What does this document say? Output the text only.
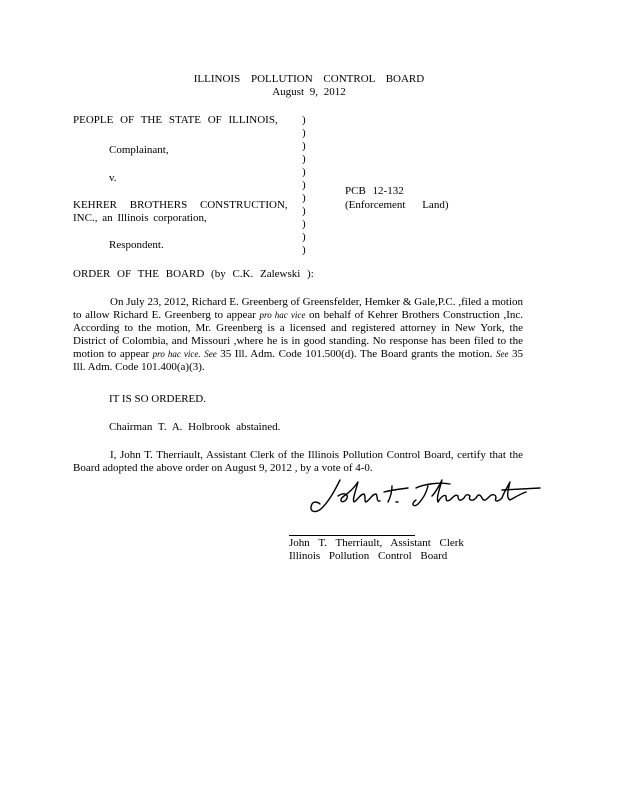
ILLINOIS POLLUTION CONTROL BOARD
August 9, 2012
PEOPLE OF THE STATE OF ILLINOIS,
Complainant,
v.
KEHRER BROTHERS CONSTRUCTION,
INC., an Illinois corporation,
Respondent.
)
)
)
)
)
)
)
)
)
)
)
PCB 12-132
(Enforcement Land)
ORDER OF THE BOARD (by C.K. Zalewski ):

On July 23, 2012, Richard E. Greenberg of Greensfelder, Hemker & Gale,P.C. ,filed a motion to allow Richard E. Greenberg to appear pro hac vice on behalf of Kehrer Brothers Construction ,Inc. According to the motion, Mr. Greenberg is a licensed and registered attorney in New York, the District of Colombia, and Missouri ,where he is in good standing. No response has been filed to the motion to appear pro hac vice. See 35 Ill. Adm. Code 101.500(d). The Board grants the motion. See 35 Ill. Adm. Code 101.400(a)(3).

IT IS SO ORDERED.
Chairman T. A. Holbrook abstained.

I, John T. Therriault, Assistant Clerk of the Illinois Pollution Control Board, certify that the Board adopted the above order on August 9, 2012 , by a vote of 4-0.

John T. Therriault, Assistant Clerk
Illinois Pollution Control Board
